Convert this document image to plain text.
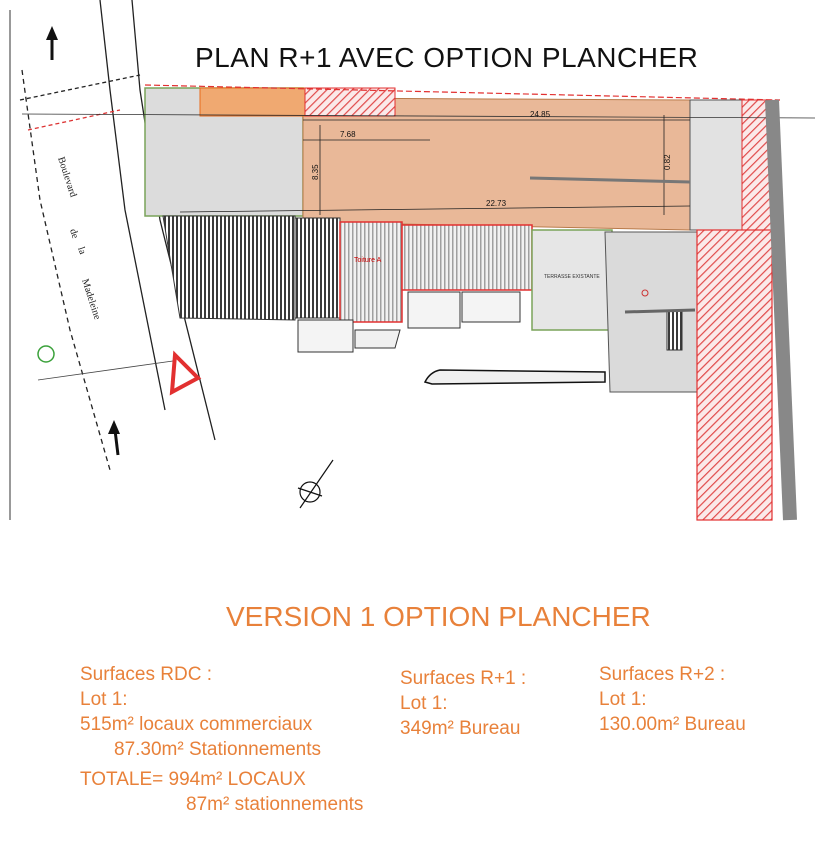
PLAN R+1 AVEC OPTION PLANCHER
Boulevard
de
la
Madeleine
24.85
7.68
8.35
22.73
0.82
Toiture A
TERRASSE EXISTANTE
VERSION 1 OPTION PLANCHER
Surfaces RDC :
Lot 1:
515m² locaux commerciaux
87.30m² Stationnements
TOTALE= 994m² LOCAUX
87m² stationnements
Surfaces R+1 :
Lot 1:
349m² Bureau
Surfaces R+2 :
Lot 1:
130.00m² Bureau
